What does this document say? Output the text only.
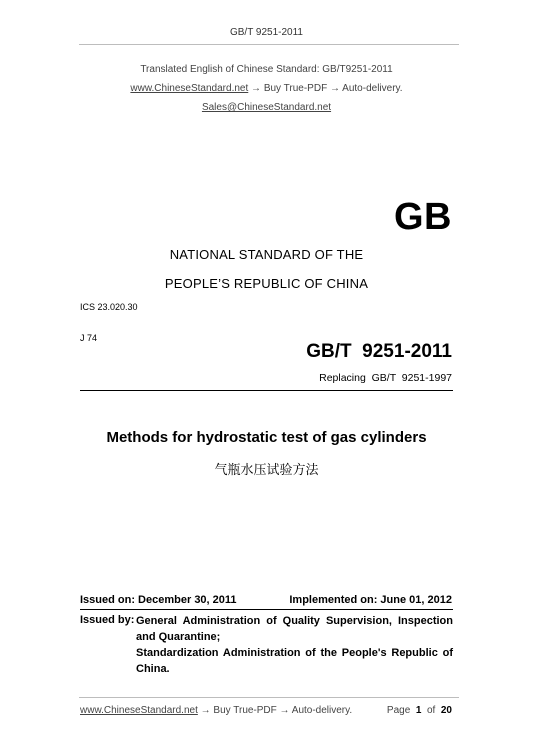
GB/T 9251-2011
Translated English of Chinese Standard: GB/T9251-2011
www.ChineseStandard.net → Buy True-PDF → Auto-delivery.
Sales@ChineseStandard.net
GB
NATIONAL STANDARD OF THE
PEOPLE’S REPUBLIC OF CHINA
ICS 23.020.30
J 74
GB/T  9251-2011
Replacing  GB/T  9251-1997
Methods for hydrostatic test of gas cylinders
气瓶水压试验方法
Issued on: December 30, 2011	Implemented on: June 01, 2012
Issued by: General Administration of Quality Supervision, Inspection and Quarantine;
Standardization Administration of the People's Republic of China.
www.ChineseStandard.net → Buy True-PDF → Auto-delivery.	Page 1 of 20
